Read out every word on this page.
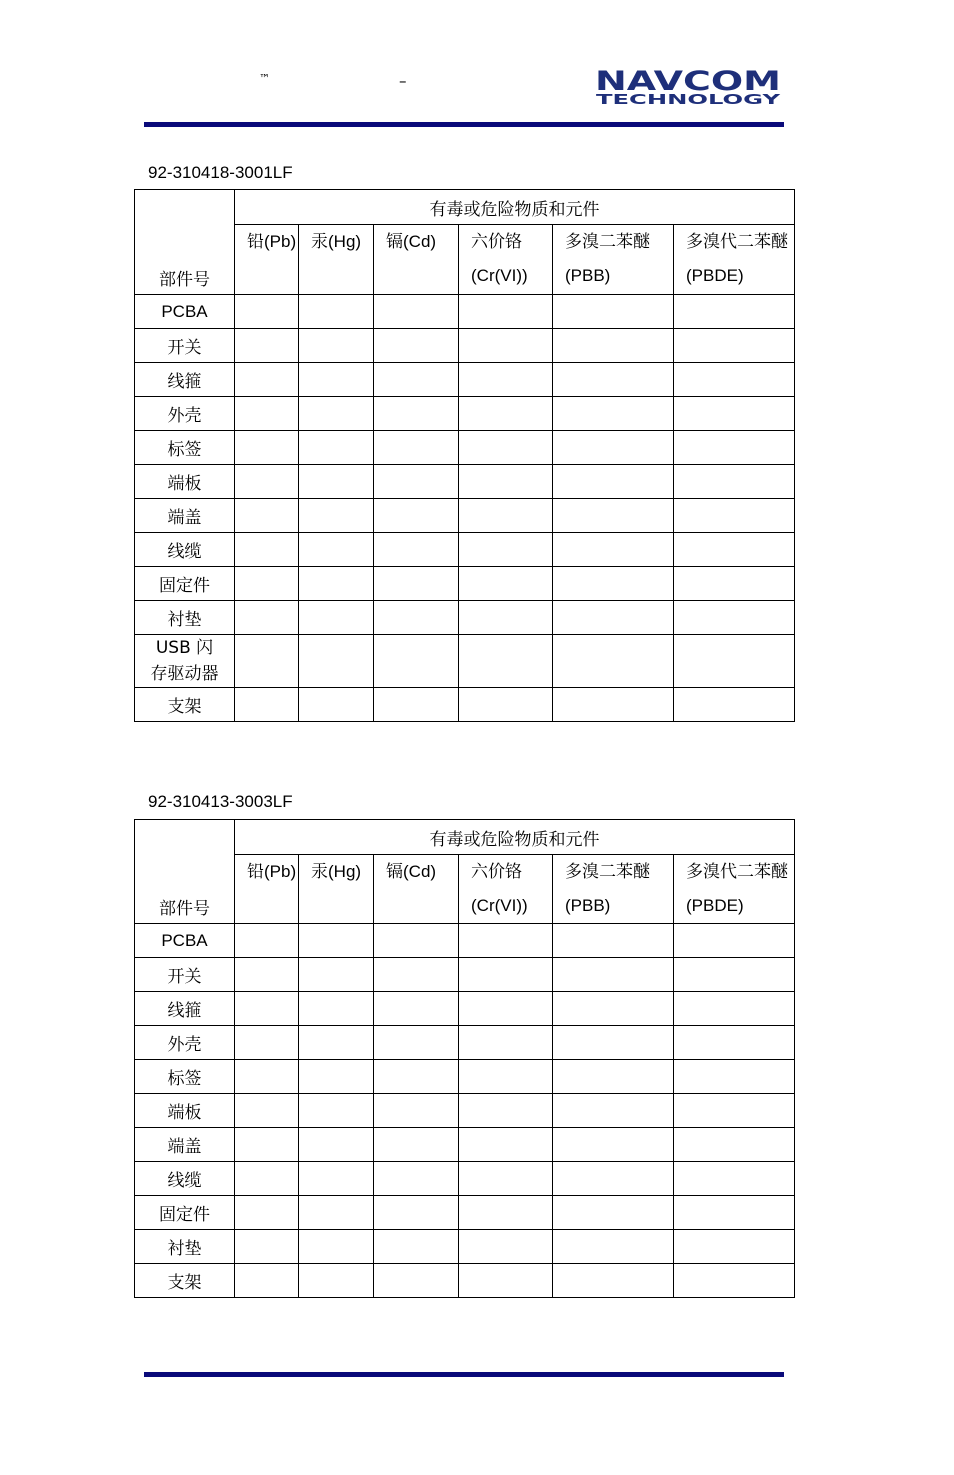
™	–	NAVCOM
TECHNOLOGY
92-310418-3001LF
部件号	有毒或危险物质和元件					
	铅(Pb)	汞(Hg)	镉(Cd)	六价铬(Cr(VI))	多溴二苯醚(PBB)	多溴代二苯醚 (PBDE)
PCBA						
开关						
线箍						
外壳						
标签						
端板						
端盖						
线缆						
固定件						
衬垫						
USB 闪存驱动器						
支架						
92-310413-3003LF
部件号	有毒或危险物质和元件					
	铅(Pb)	汞(Hg)	镉(Cd)	六价铬(Cr(VI))	多溴二苯醚(PBB)	多溴代二苯醚 (PBDE)
PCBA						
开关						
线箍						
外壳						
标签						
端板						
端盖						
线缆						
固定件						
衬垫						
支架						
